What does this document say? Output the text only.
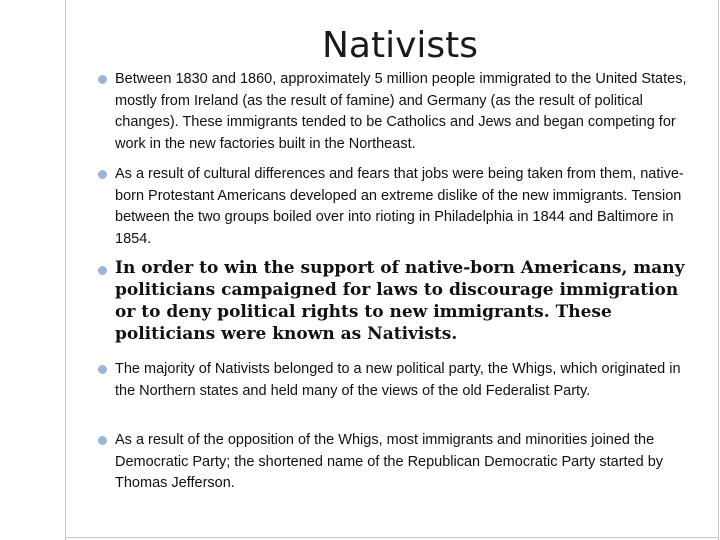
Nativists

Between 1830 and 1860, approximately 5 million people immigrated to the United States, mostly from Ireland (as the result of famine) and Germany (as the result of political changes). These immigrants tended to be Catholics and Jews and began competing for work in the new factories built in the Northeast.

As a result of cultural differences and fears that jobs were being taken from them, native-born Protestant Americans developed an extreme dislike of the new immigrants. Tension between the two groups boiled over into rioting in Philadelphia in 1844 and Baltimore in 1854.

In order to win the support of native-born Americans, many politicians campaigned for laws to discourage immigration or to deny political rights to new immigrants. These politicians were known as Nativists.

The majority of Nativists belonged to a new political party, the Whigs, which originated in the Northern states and held many of the views of the old Federalist Party.

As a result of the opposition of the Whigs, most immigrants and minorities joined the Democratic Party; the shortened name of the Republican Democratic Party started by Thomas Jefferson.
